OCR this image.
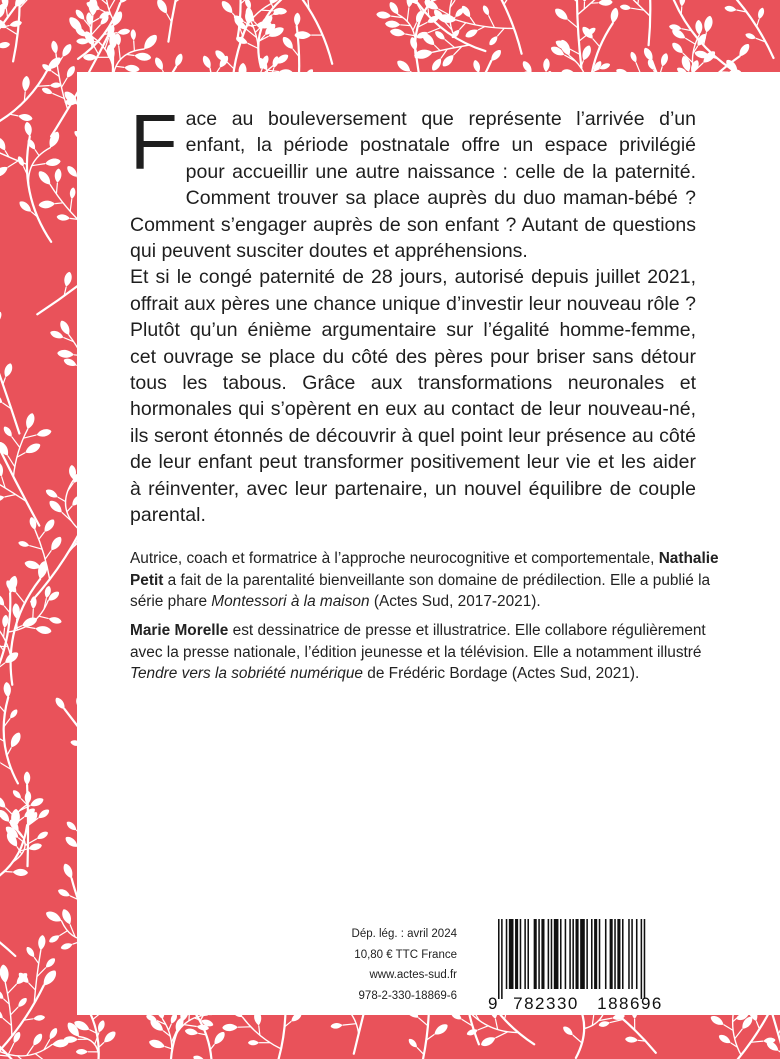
Face au bouleversement que représente l’arrivée d’un enfant, la période postnatale offre un espace privilégié pour accueillir une autre naissance : celle de la paternité. Comment trouver sa place auprès du duo maman-bébé ? Comment s’engager auprès de son enfant ? Autant de questions qui peuvent susciter doutes et appréhensions.

Et si le congé paternité de 28 jours, autorisé depuis juillet 2021, offrait aux pères une chance unique d’investir leur nouveau rôle ? Plutôt qu’un énième argumentaire sur l’égalité homme-femme, cet ouvrage se place du côté des pères pour briser sans détour tous les tabous. Grâce aux transformations neuronales et hormonales qui s’opèrent en eux au contact de leur nouveau-né, ils seront étonnés de découvrir à quel point leur présence au côté de leur enfant peut transformer positivement leur vie et les aider à réinventer, avec leur partenaire, un nouvel équilibre de couple parental.

Autrice, coach et formatrice à l’approche neurocognitive et comportementale, Nathalie Petit a fait de la parentalité bienveillante son domaine de prédilection. Elle a publié la série phare Montessori à la maison (Actes Sud, 2017-2021).

Marie Morelle est dessinatrice de presse et illustratrice. Elle collabore régulièrement avec la presse nationale, l’édition jeunesse et la télévision. Elle a notamment illustré Tendre vers la sobriété numérique de Frédéric Bordage (Actes Sud, 2021).

Dép. lég. : avril 2024
10,80 € TTC France
www.actes-sud.fr
978-2-330-18869-6 9 782330 188696
